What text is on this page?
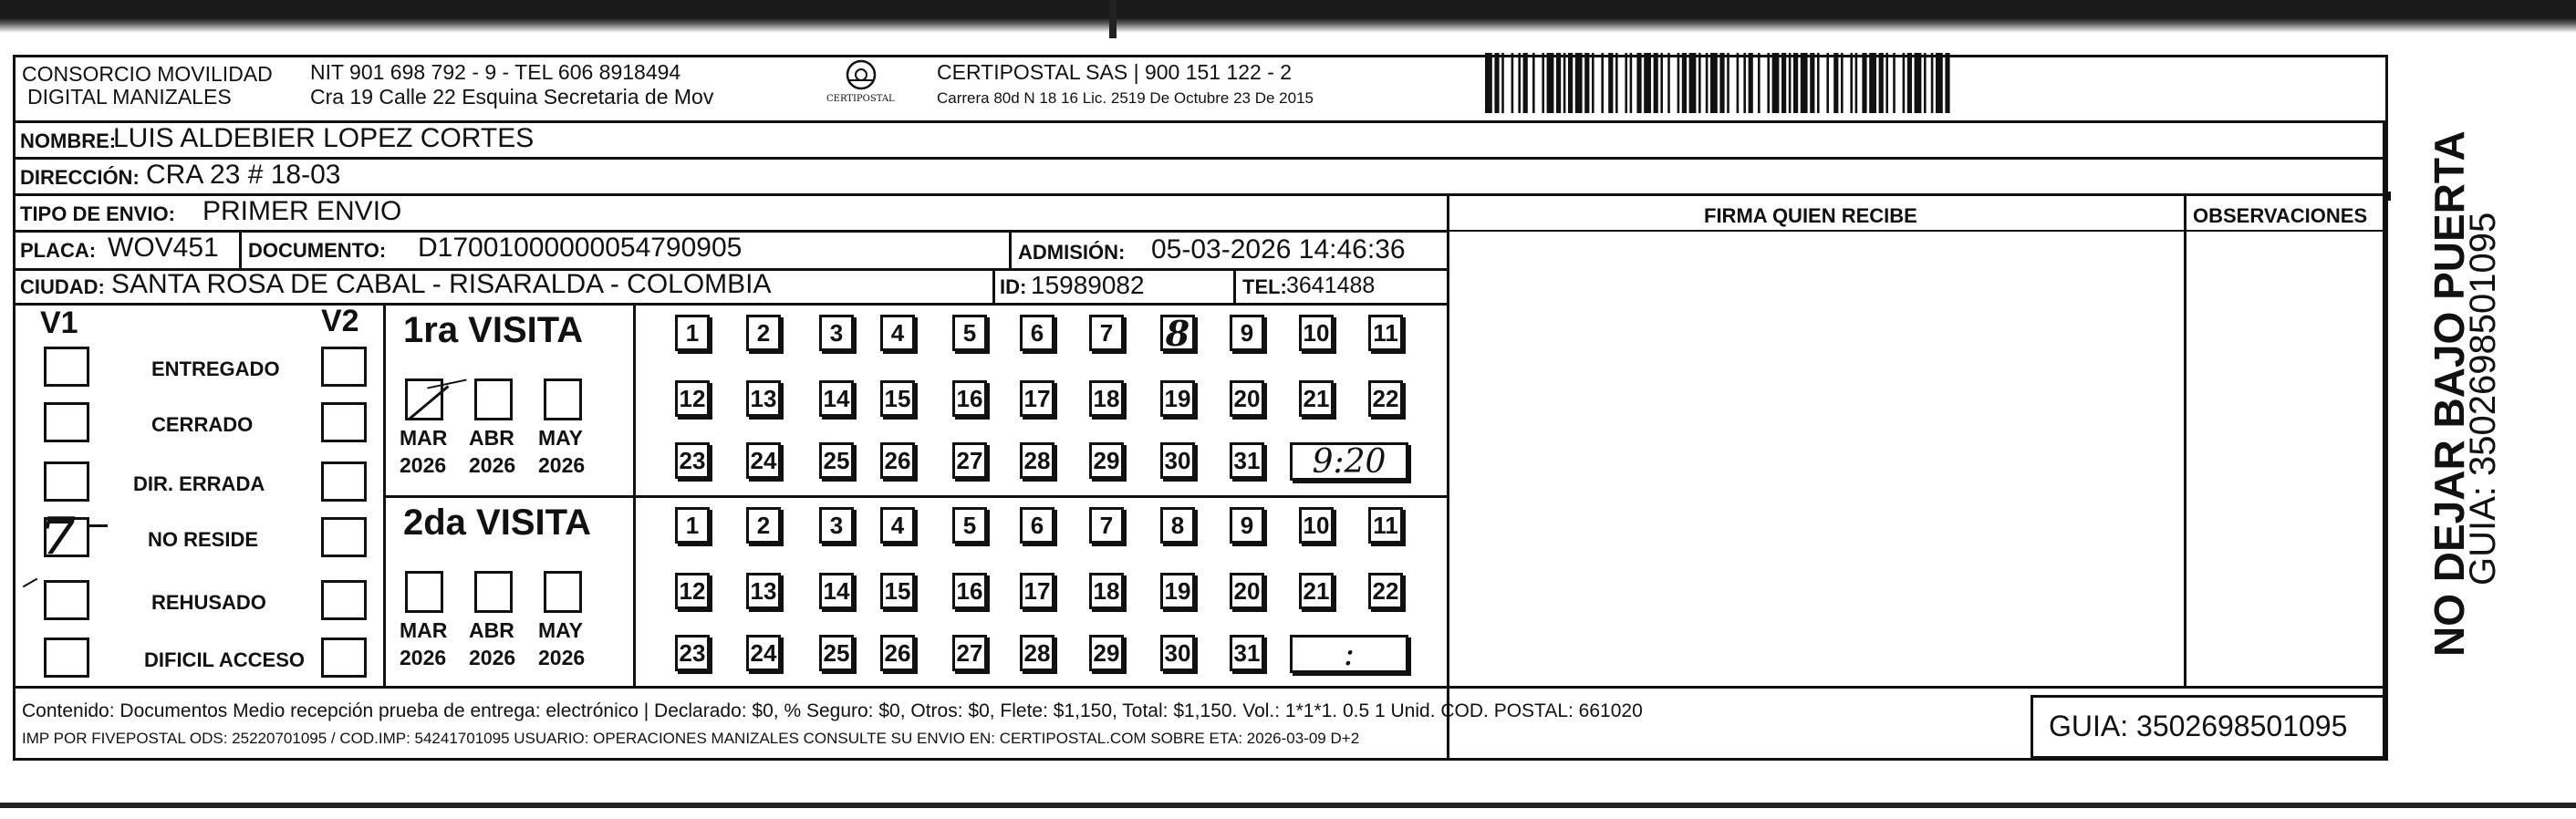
CONSORCIO MOVILIDAD
DIGITAL MANIZALES
NIT 901 698 792 - 9 - TEL 606 8918494
Cra 19 Calle 22 Esquina Secretaria de Mov	CERTIPOSTAL
CERTIPOSTAL SAS | 900 151 122 - 2
Carrera 80d N 18 16 Lic. 2519 De Octubre 23 De 2015
NOMBRE:
LUIS ALDEBIER LOPEZ CORTES
DIRECCIÓN: CRA 23 # 18-03
TIPO DE ENVIO: PRIMER ENVIO	FIRMA QUIEN RECIBE	OBSERVACIONES
PLACA: WOV451 DOCUMENTO: D17001000000054790905	ADMISIÓN: 05-03-2026 14:46:36
CIUDAD: SANTA ROSA DE CABAL - RISARALDA - COLOMBIA	ID: 15989082	TEL: 3641488
V1	V2
ENTREGADO
CERRADO
DIR. ERRADA
NO RESIDE
7
REHUSADO
DIFICIL ACCESO
1ra VISITA
MAR
2026
ABR
2026
MAY
2026
1	2	3	4	5	6	7	8	9	10 11
12 13 14 15 16 17 18 19 20 21 22
23 24 25 26 27 28 29 30 31 9:20
2da VISITA
MAR
2026
ABR
2026
MAY
2026
1	2	3	4	5	6	7	8	9	10 11
12 13 14 15 16 17 18 19 20 21 22
23 24 25 26 27 28 29 30 31	:
Contenido: Documentos Medio recepción prueba de entrega: electrónico | Declarado: $0, % Seguro: $0, Otros: $0, Flete: $1,150, Total: $1,150. Vol.: 1*1*1. 0.5 1 Unid. COD. POSTAL: 661020
IMP POR FIVEPOSTAL ODS: 25220701095 / COD.IMP: 54241701095 USUARIO: OPERACIONES MANIZALES CONSULTE SU ENVIO EN: CERTIPOSTAL.COM SOBRE ETA: 2026-03-09 D+2	GUIA: 3502698501095
NO DEJAR BAJO PUERTA
GUIA: 3502698501095
